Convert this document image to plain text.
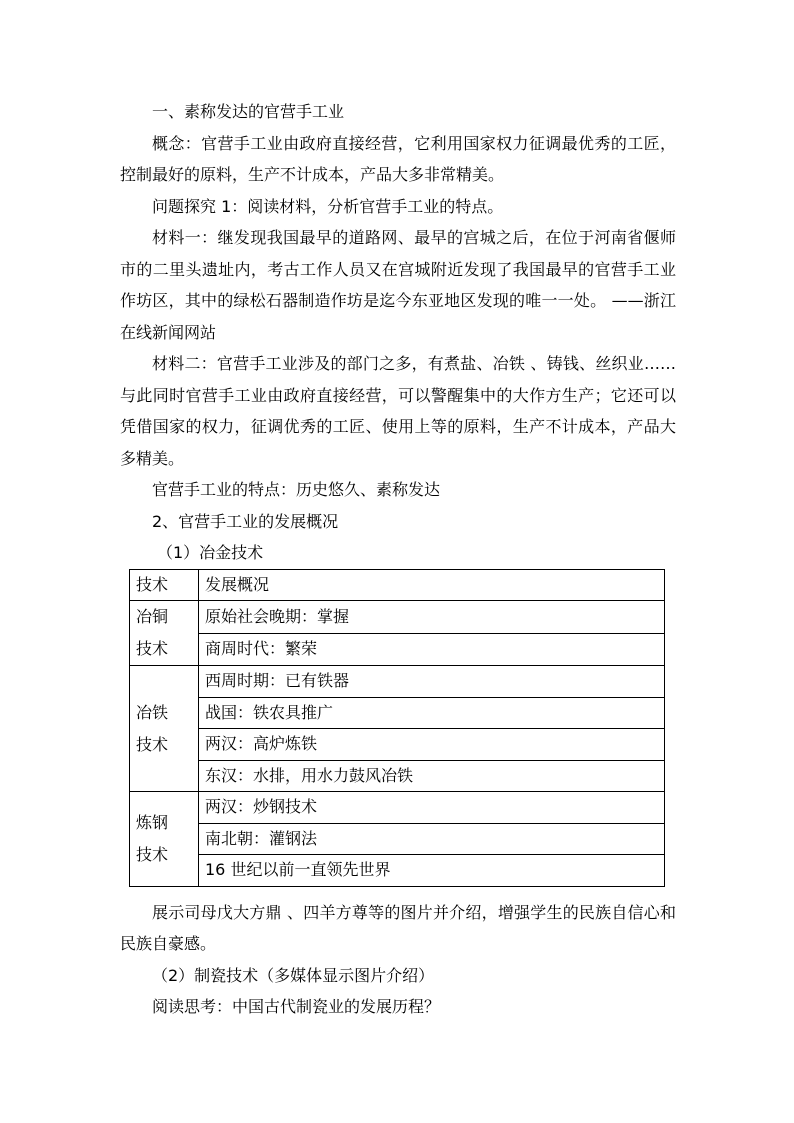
一、素称发达的官营手工业

概念：官营手工业由政府直接经营，它利用国家权力征调最优秀的工匠，控制最好的原料，生产不计成本，产品大多非常精美。

问题探究 1：阅读材料，分析官营手工业的特点。

材料一：继发现我国最早的道路网、最早的宫城之后，在位于河南省偃师市的二里头遗址内，考古工作人员又在宫城附近发现了我国最早的官营手工业作坊区，其中的绿松石器制造作坊是迄今东亚地区发现的唯一一处。 ——浙江在线新闻网站

材料二：官营手工业涉及的部门之多，有煮盐、冶铁 、铸钱、丝织业……与此同时官营手工业由政府直接经营，可以警醒集中的大作方生产；它还可以凭借国家的权力，征调优秀的工匠、使用上等的原料，生产不计成本，产品大多精美。

官营手工业的特点：历史悠久、素称发达

2、官营手工业的发展概况

（1）冶金技术
技术	发展概况

冶铜
技术	原始社会晚期：掌握
	商周时代：繁荣

冶铁
技术	西周时期：已有铁器
	战国：铁农具推广
	两汉：高炉炼铁
	东汉：水排，用水力鼓风冶铁

炼钢
技术	两汉：炒钢技术
	南北朝：灌钢法
	16 世纪以前一直领先世界

展示司母戊大方鼎 、四羊方尊等的图片并介绍，增强学生的民族自信心和民族自豪感。

（2）制瓷技术（多媒体显示图片介绍）

阅读思考：中国古代制瓷业的发展历程？
